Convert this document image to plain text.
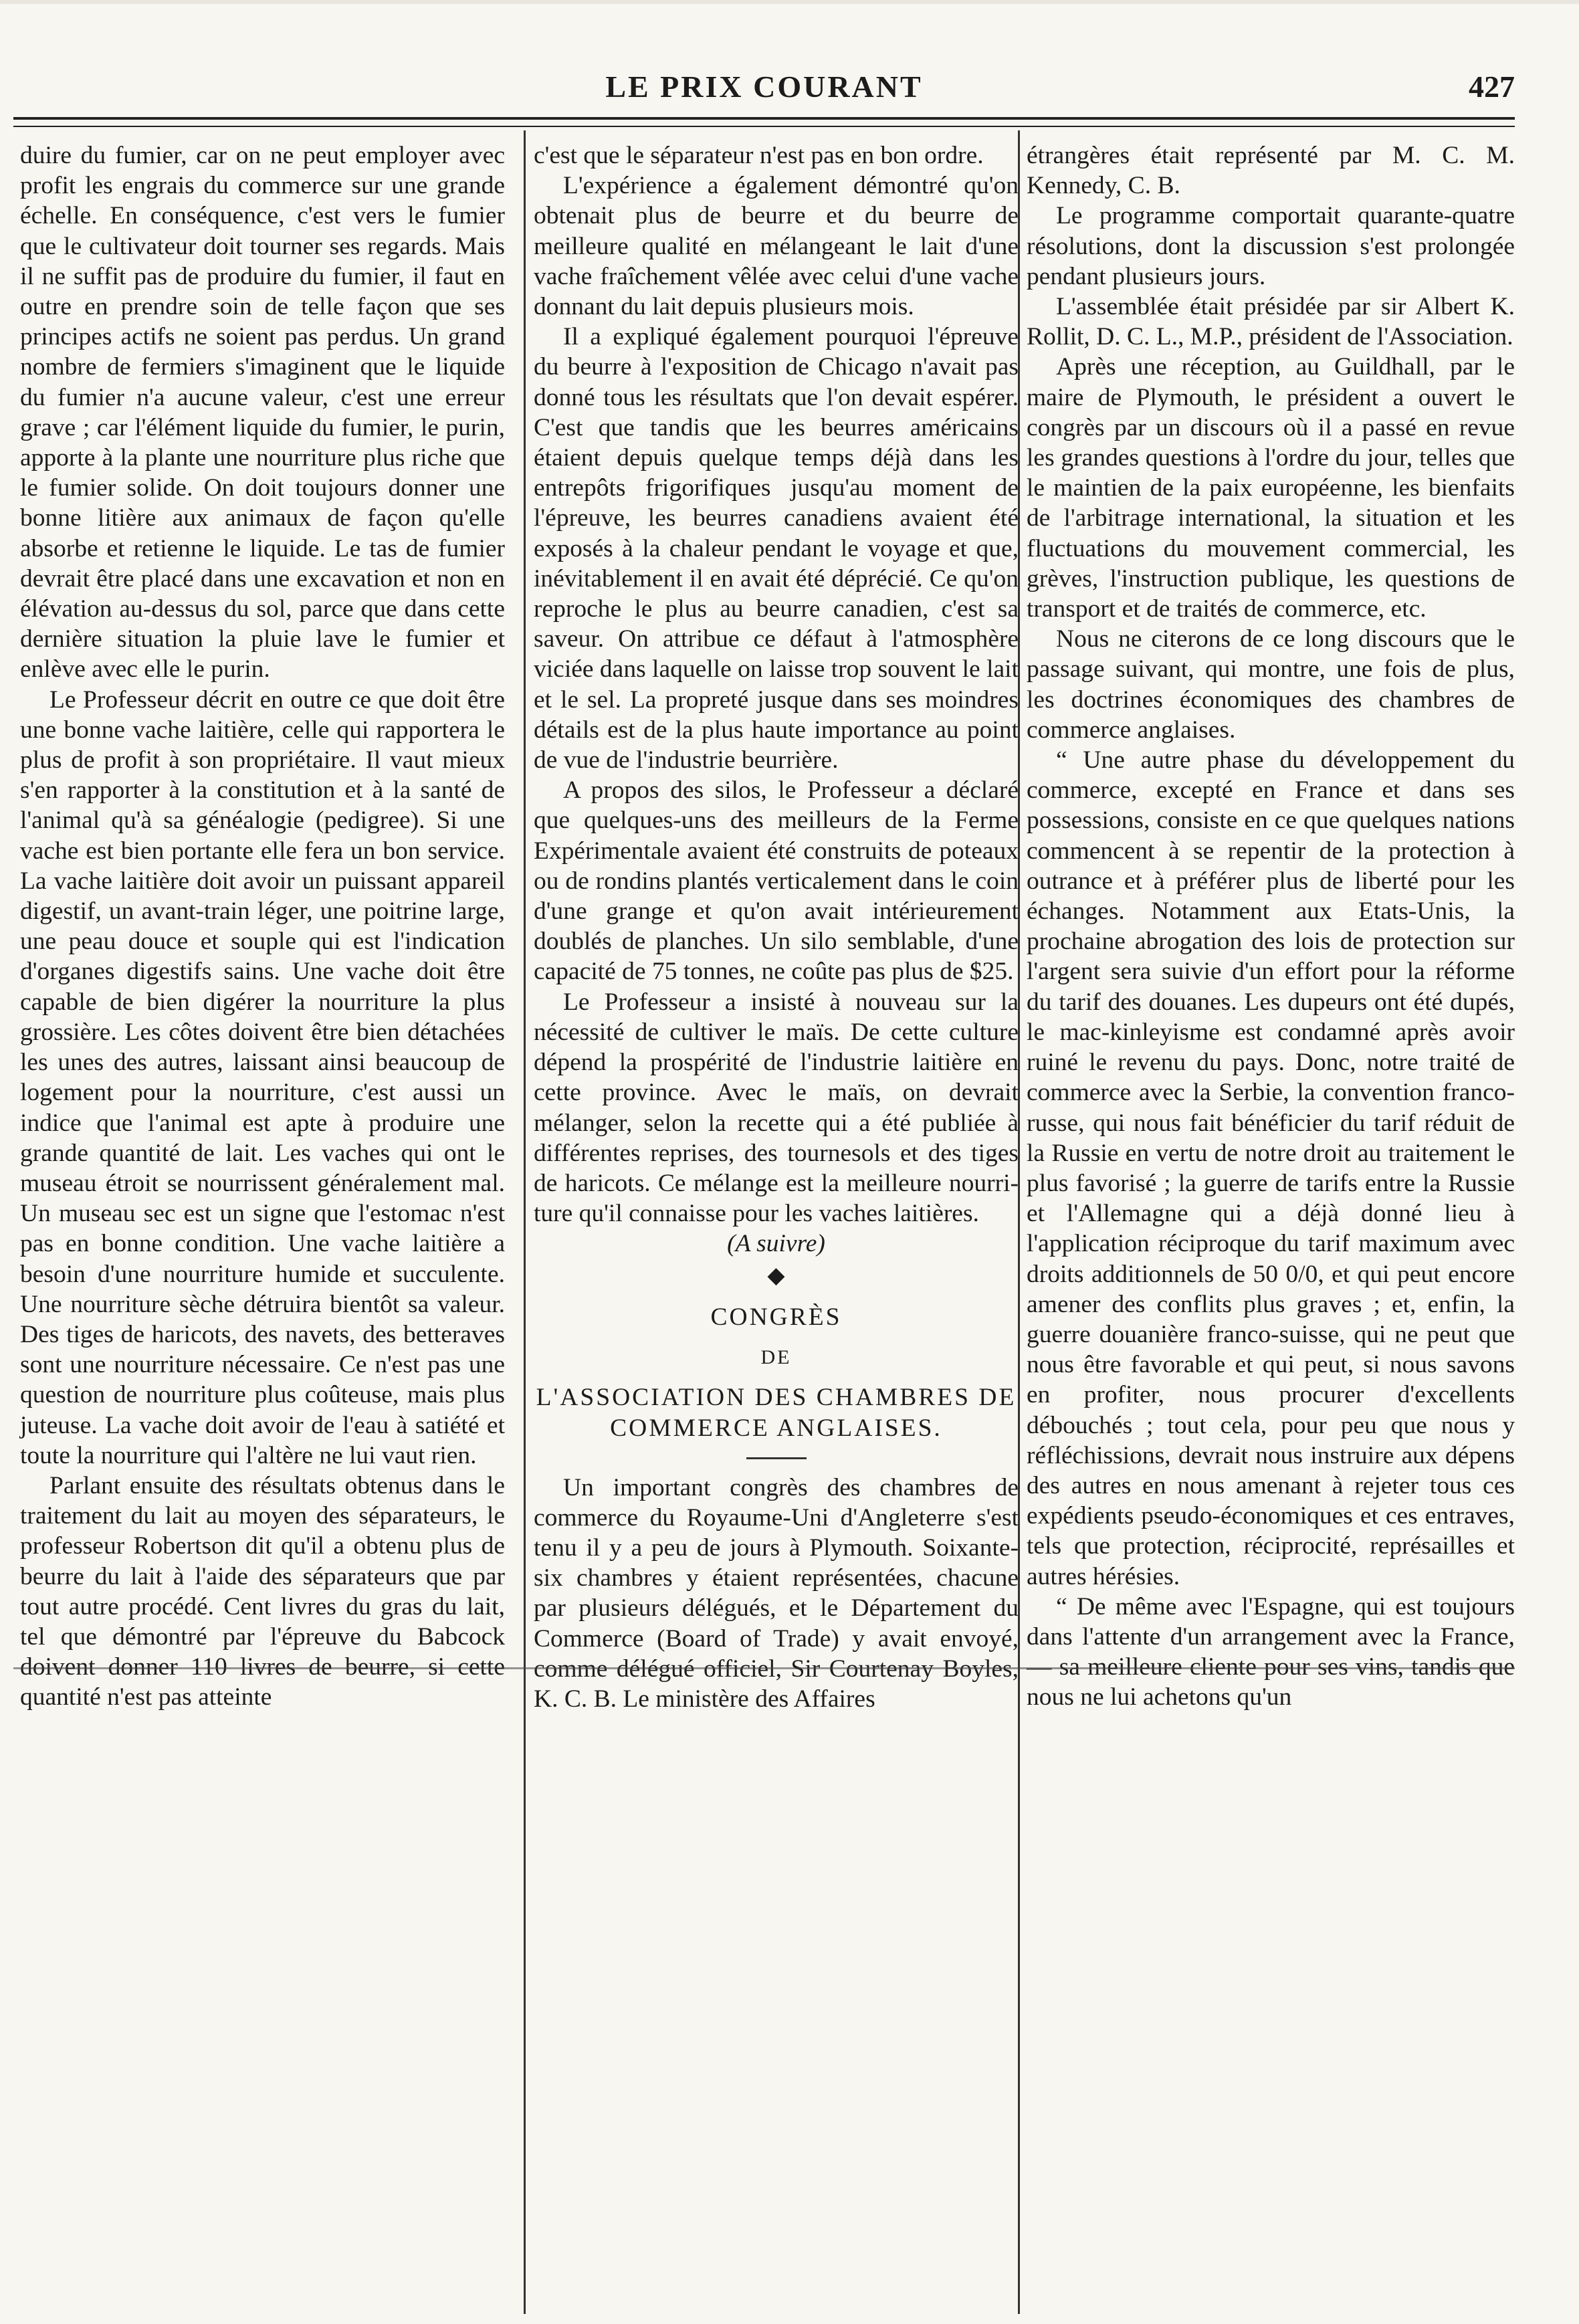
LE PRIX COURANT	427

duire du fumier, car on ne peut employer avec profit les engrais du commerce sur une grande échelle. En conséquence, c'est vers le fumier que le cultivateur doit tourner ses regards. Mais il ne suffit pas de produire du fumier, il faut en outre en prendre soin de telle façon que ses principes actifs ne soient pas perdus. Un grand nombre de fermiers s'imaginent que le liquide du fumier n'a aucune valeur, c'est une erreur grave ; car l'élément liquide du fumier, le purin, apporte à la plante une nourriture plus riche que le fumier solide. On doit toujours donner une bonne litière aux animaux de façon qu'elle absorbe et retienne le liquide. Le tas de fumier devrait être placé dans une excavation et non en élévation au-dessus du sol, parce que dans cette dernière situation la pluie lave le fumier et enlève avec elle le purin.

Le Professeur décrit en outre ce que doit être une bonne vache laitière, celle qui rapportera le plus de profit à son propriétaire. Il vaut mieux s'en rapporter à la constitution et à la santé de l'animal qu'à sa généalogie (pedigree). Si une vache est bien portante elle fera un bon service. La vache laitière doit avoir un puissant appareil digestif, un avant-train léger, une poitrine large, une peau douce et souple qui est l'indication d'organes digestifs sains. Une vache doit être capable de bien digérer la nourriture la plus grossière. Les côtes doivent être bien détachées les unes des autres, laissant ainsi beaucoup de logement pour la nourriture, c'est aussi un indice que l'animal est apte à produire une grande quantité de lait. Les vaches qui ont le museau étroit se nourrissent généralement mal. Un museau sec est un signe que l'estomac n'est pas en bonne condition. Une vache laitière a besoin d'une nourriture humide et succulente. Une nourriture sèche détruira bientôt sa valeur. Des tiges de haricots, des navets, des betteraves sont une nourriture nécessaire. Ce n'est pas une question de nourriture plus coûteuse, mais plus juteuse. La vache doit avoir de l'eau à satiété et toute la nourriture qui l'altère ne lui vaut rien.

Parlant ensuite des résultats obtenus dans le traitement du lait au moyen des séparateurs, le professeur Robertson dit qu'il a obtenu plus de beurre du lait à l'aide des séparateurs que par tout autre procédé. Cent livres du gras du lait, tel que démontré par l'épreuve du Babcock doivent donner 110 livres de beurre, si cette quantité n'est pas atteinte

c'est que le séparateur n'est pas en bon ordre.

L'expérience a également démontré qu'on obtenait plus de beurre et du beurre de meilleure qualité en mélangeant le lait d'une vache fraîchement vêlée avec celui d'une vache donnant du lait depuis plusieurs mois.

Il a expliqué également pourquoi l'épreuve du beurre à l'exposition de Chicago n'avait pas donné tous les résultats que l'on devait espérer. C'est que tandis que les beurres américains étaient depuis quelque temps déjà dans les entrepôts frigorifiques jusqu'au moment de l'épreuve, les beurres canadiens avaient été exposés à la chaleur pendant le voyage et que, inévitablement il en avait été déprécié. Ce qu'on reproche le plus au beurre canadien, c'est sa saveur. On attribue ce défaut à l'atmosphère viciée dans laquelle on laisse trop souvent le lait et le sel. La propreté jusque dans ses moindres détails est de la plus haute importance au point de vue de l'industrie beurrière.

A propos des silos, le Professeur a déclaré que quelques-uns des meilleurs de la Ferme Expérimentale avaient été construits de poteaux ou de rondins plantés verticalement dans le coin d'une grange et qu'on avait intérieurement doublés de planches. Un silo semblable, d'une capacité de 75 tonnes, ne coûte pas plus de $25.

Le Professeur a insisté à nouveau sur la nécessité de cultiver le maïs. De cette culture dépend la prospérité de l'industrie laitière en cette province. Avec le maïs, on devrait mélanger, selon la recette qui a été publiée à différentes reprises, des tournesols et des tiges de haricots. Ce mélange est la meilleure nourriture qu'il connaisse pour les vaches laitières.

(A suivre)

◆

CONGRÈS

DE

L'ASSOCIATION DES CHAMBRES DE COMMERCE ANGLAISES.

Un important congrès des chambres de commerce du Royaume-Uni d'Angleterre s'est tenu il y a peu de jours à Plymouth. Soixante-six chambres y étaient représentées, chacune par plusieurs délégués, et le Département du Commerce (Board of Trade) y avait envoyé, comme délégué officiel, Sir Courtenay Boyles, K. C. B. Le ministère des Affaires

étrangères était représenté par M. C. M. Kennedy, C. B.

Le programme comportait quarante-quatre résolutions, dont la discussion s'est prolongée pendant plusieurs jours.

L'assemblée était présidée par sir Albert K. Rollit, D. C. L., M.P., président de l'Association.

Après une réception, au Guildhall, par le maire de Plymouth, le président a ouvert le congrès par un discours où il a passé en revue les grandes questions à l'ordre du jour, telles que le maintien de la paix européenne, les bienfaits de l'arbitrage international, la situation et les fluctuations du mouvement commercial, les grèves, l'instruction publique, les questions de transport et de traités de commerce, etc.

Nous ne citerons de ce long discours que le passage suivant, qui montre, une fois de plus, les doctrines économiques des chambres de commerce anglaises.

“ Une autre phase du développement du commerce, excepté en France et dans ses possessions, consiste en ce que quelques nations commencent à se repentir de la protection à outrance et à préférer plus de liberté pour les échanges. Notamment aux Etats-Unis, la prochaine abrogation des lois de protection sur l'argent sera suivie d'un effort pour la réforme du tarif des douanes. Les dupeurs ont été dupés, le mac-kinleyisme est condamné après avoir ruiné le revenu du pays. Donc, notre traité de commerce avec la Serbie, la convention franco-russe, qui nous fait bénéficier du tarif réduit de la Russie en vertu de notre droit au traitement le plus favorisé ; la guerre de tarifs entre la Russie et l'Allemagne qui a déjà donné lieu à l'application réciproque du tarif maximum avec droits additionnels de 50 0/0, et qui peut encore amener des conflits plus graves ; et, enfin, la guerre douanière franco-suisse, qui ne peut que nous être favorable et qui peut, si nous savons en profiter, nous procurer d'excellents débouchés ; tout cela, pour peu que nous y réfléchissions, devrait nous instruire aux dépens des autres en nous amenant à rejeter tous ces expédients pseudo-économiques et ces entraves, tels que protection, réciprocité, représailles et autres hérésies.

“ De même avec l'Espagne, qui est toujours dans l'attente d'un arrangement avec la France, — sa meilleure cliente pour ses vins, tandis que nous ne lui achetons qu'un
